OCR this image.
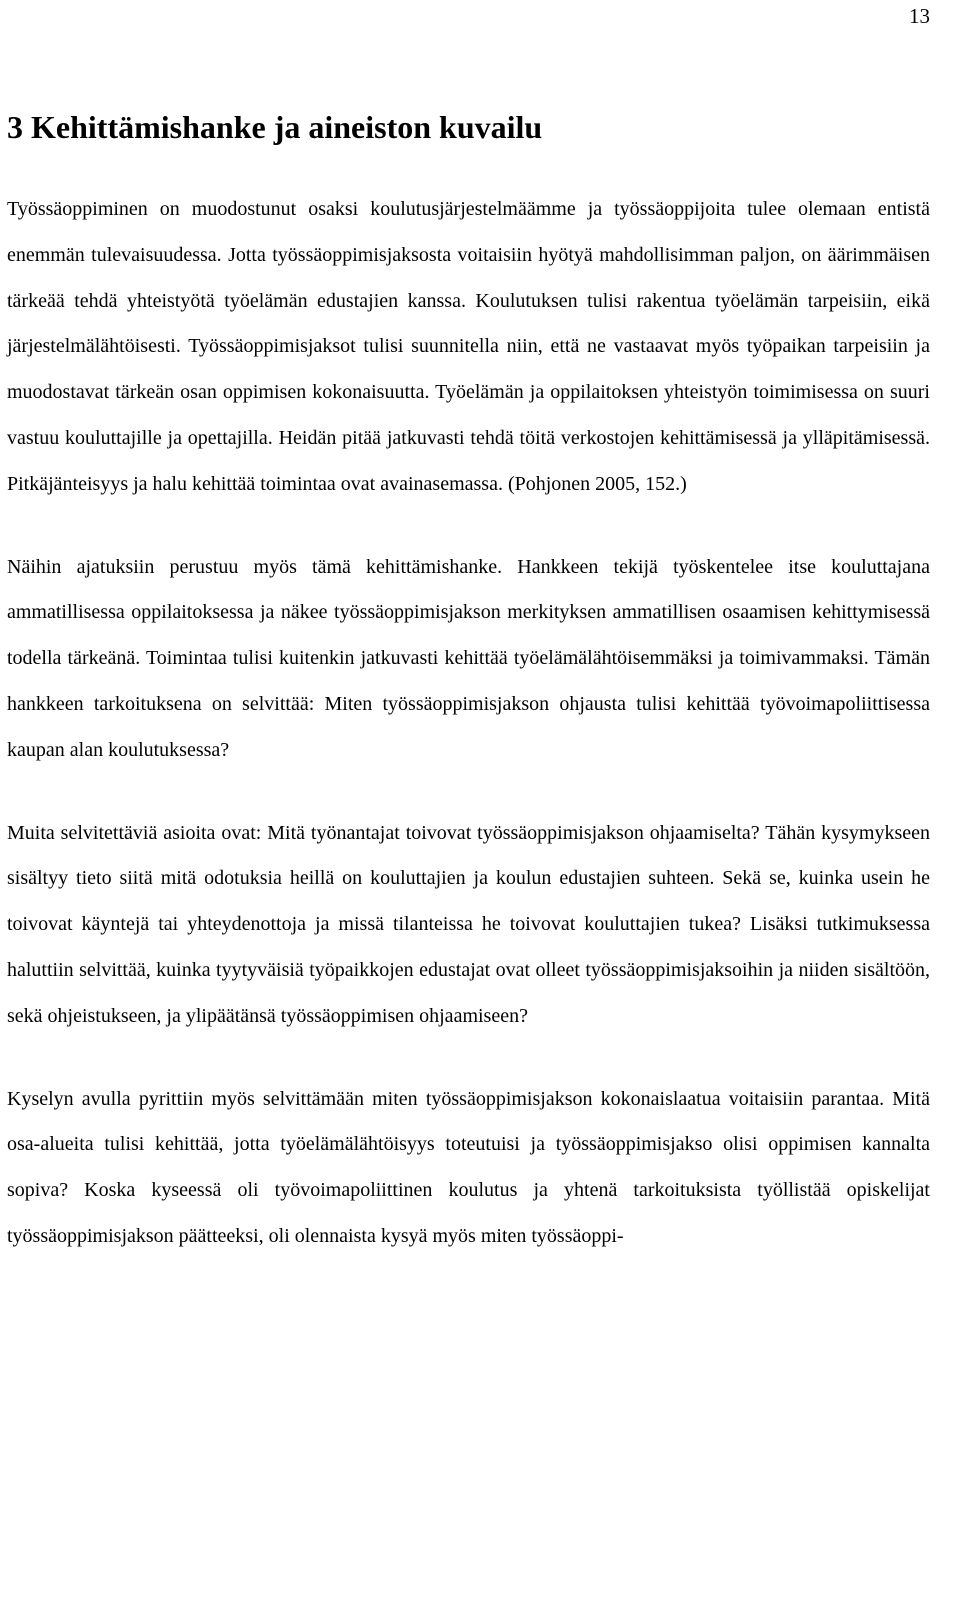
13
3 Kehittämishanke ja aineiston kuvailu

Työssäoppiminen on muodostunut osaksi koulutusjärjestelmäämme ja työssäoppijoita tulee olemaan entistä enemmän tulevaisuudessa. Jotta työssäoppimisjaksosta voitaisiin hyötyä mahdollisimman paljon, on äärimmäisen tärkeää tehdä yhteistyötä työelämän edustajien kanssa. Koulutuksen tulisi rakentua työelämän tarpeisiin, eikä järjestelmälähtöisesti. Työssäoppimisjaksot tulisi suunnitella niin, että ne vastaavat myös työpaikan tarpeisiin ja muodostavat tärkeän osan oppimisen kokonaisuutta. Työelämän ja oppilaitoksen yhteistyön toimimisessa on suuri vastuu kouluttajille ja opettajilla. Heidän pitää jatkuvasti tehdä töitä verkostojen kehittämisessä ja ylläpitämisessä. Pitkäjänteisyys ja halu kehittää toimintaa ovat avainasemassa. (Pohjonen 2005, 152.)

Näihin ajatuksiin perustuu myös tämä kehittämishanke. Hankkeen tekijä työskentelee itse kouluttajana ammatillisessa oppilaitoksessa ja näkee työssäoppimisjakson merkityksen ammatillisen osaamisen kehittymisessä todella tärkeänä. Toimintaa tulisi kuitenkin jatkuvasti kehittää työelämälähtöisemmäksi ja toimivammaksi. Tämän hankkeen tarkoituksena on selvittää: Miten työssäoppimisjakson ohjausta tulisi kehittää työvoimapoliittisessa kaupan alan koulutuksessa?

Muita selvitettäviä asioita ovat: Mitä työnantajat toivovat työssäoppimisjakson ohjaamiselta? Tähän kysymykseen sisältyy tieto siitä mitä odotuksia heillä on kouluttajien ja koulun edustajien suhteen. Sekä se, kuinka usein he toivovat käyntejä tai yhteydenottoja ja missä tilanteissa he toivovat kouluttajien tukea? Lisäksi tutkimuksessa haluttiin selvittää, kuinka tyytyväisiä työpaikkojen edustajat ovat olleet työssäoppimisjaksoihin ja niiden sisältöön, sekä ohjeistukseen, ja ylipäätänsä työssäoppimisen ohjaamiseen?

Kyselyn avulla pyrittiin myös selvittämään miten työssäoppimisjakson kokonaislaatua voitaisiin parantaa. Mitä osa-alueita tulisi kehittää, jotta työelämälähtöisyys toteutuisi ja työssäoppimisjakso olisi oppimisen kannalta sopiva? Koska kyseessä oli työvoimapoliittinen koulutus ja yhtenä tarkoituksista työllistää opiskelijat työssäoppimisjakson päätteeksi, oli olennaista kysyä myös miten työssäoppi-
